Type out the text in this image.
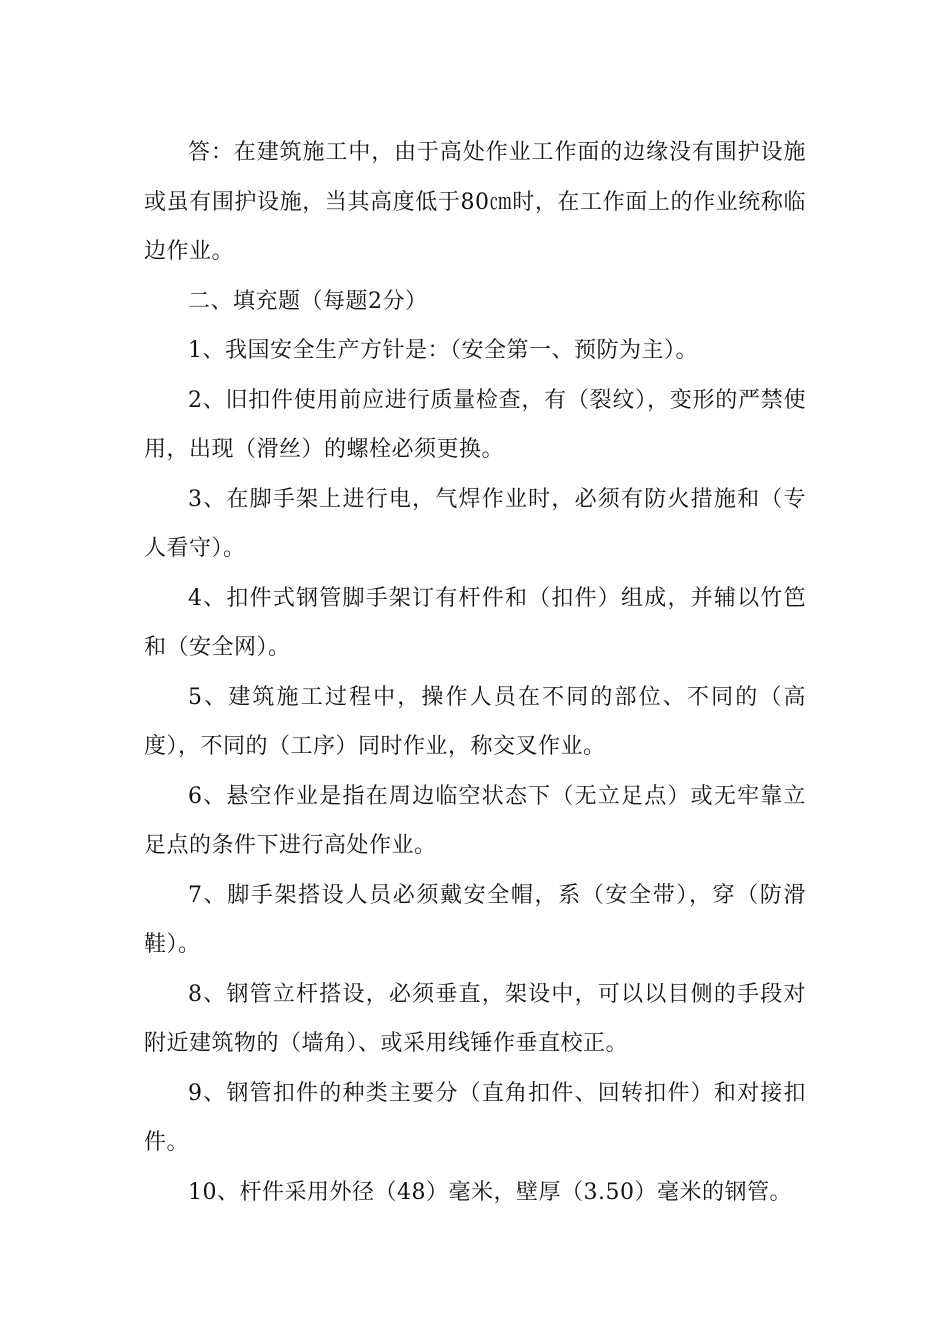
答：在建筑施工中，由于高处作业工作面的边缘没有围护设施或虽有围护设施，当其高度低于80㎝时，在工作面上的作业统称临边作业。

二、填充题（每题2分）

1、我国安全生产方针是：（安全第一、预防为主）。

2、旧扣件使用前应进行质量检查，有（裂纹），变形的严禁使用，出现（滑丝）的螺栓必须更换。

3、在脚手架上进行电，气焊作业时，必须有防火措施和（专人看守）。

4、扣件式钢管脚手架订有杆件和（扣件）组成，并辅以竹笆和（安全网）。

5、建筑施工过程中，操作人员在不同的部位、不同的（高度），不同的（工序）同时作业，称交叉作业。

6、悬空作业是指在周边临空状态下（无立足点）或无牢靠立足点的条件下进行高处作业。

7、脚手架搭设人员必须戴安全帽，系（安全带），穿（防滑鞋）。

8、钢管立杆搭设，必须垂直，架设中，可以以目侧的手段对附近建筑物的（墙角）、或采用线锤作垂直校正。

9、钢管扣件的种类主要分（直角扣件、回转扣件）和对接扣件。

10、杆件采用外径（48）毫米，壁厚（3.50）毫米的钢管。
